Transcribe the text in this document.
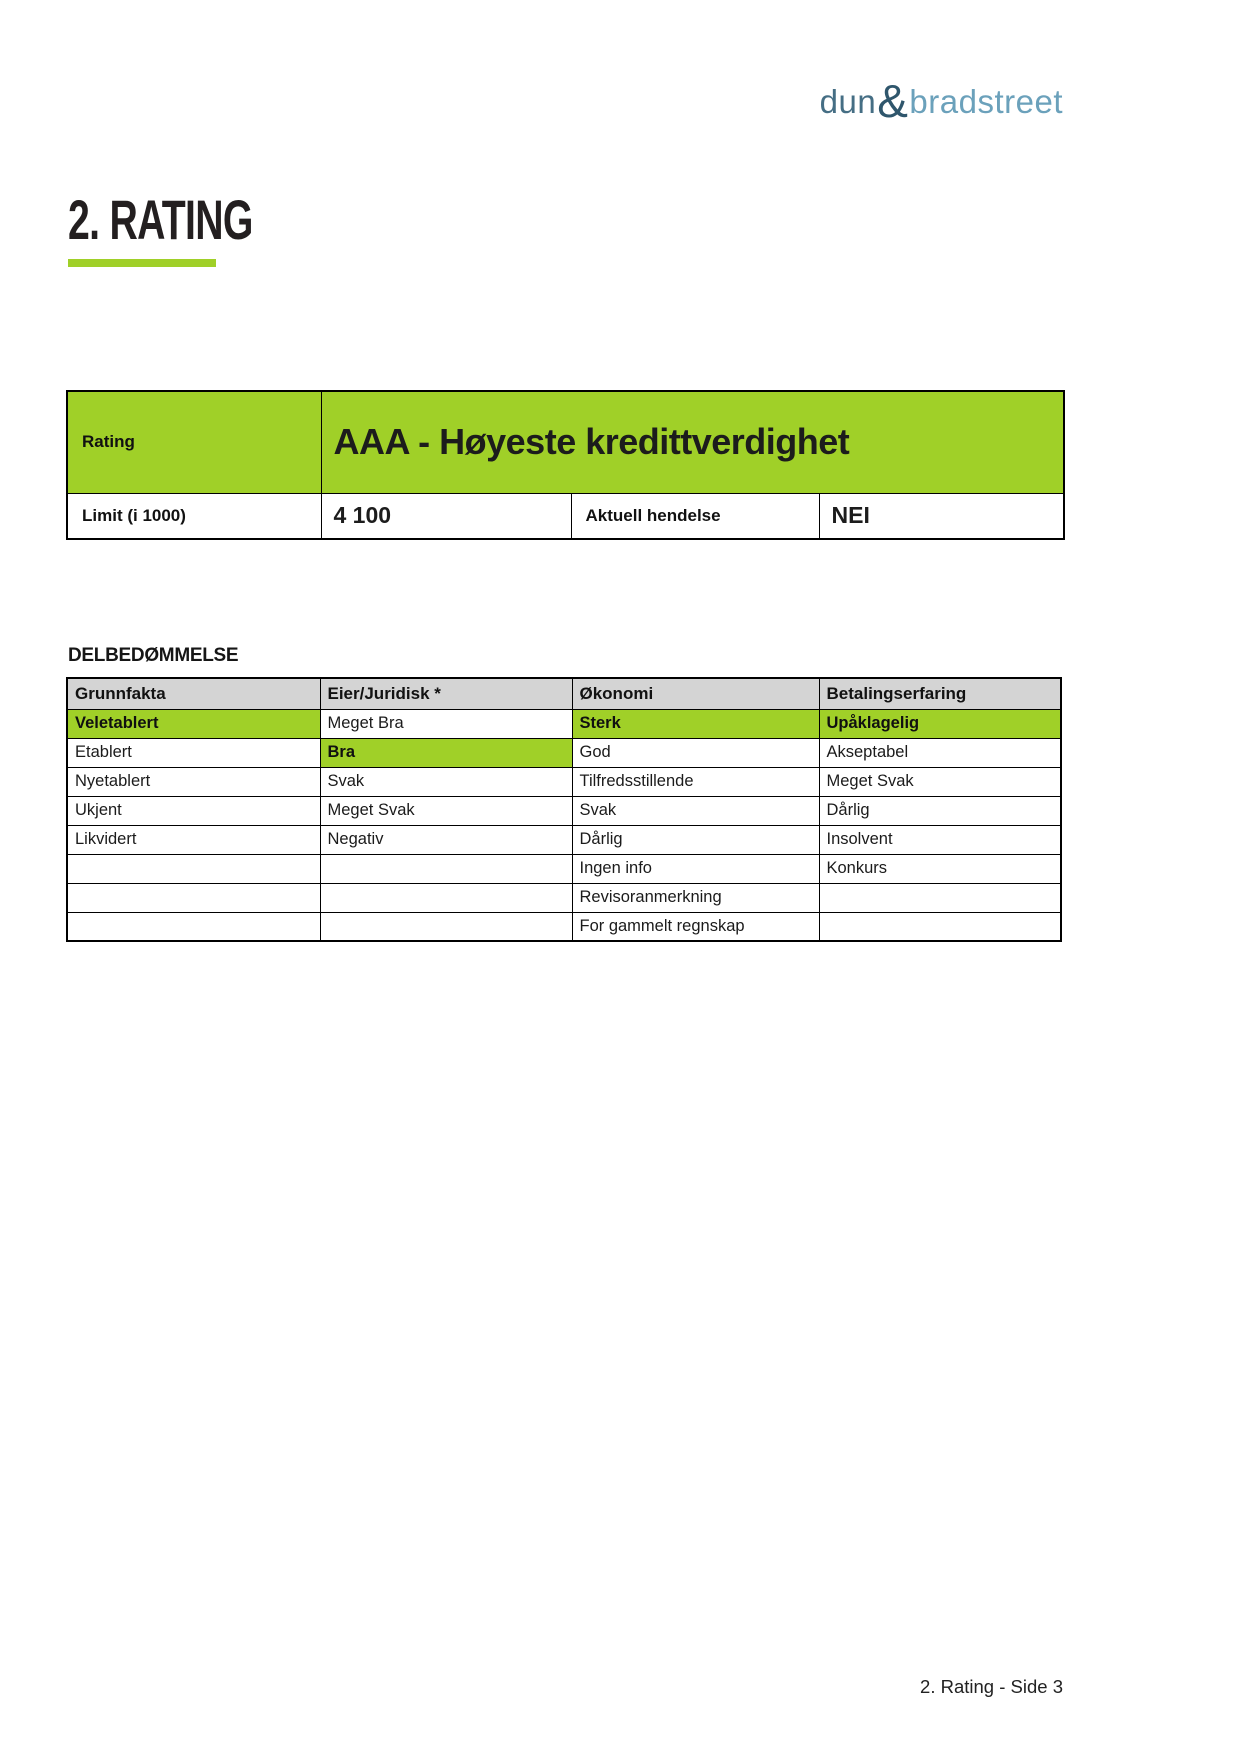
dun&bradstreet
2. RATING
Rating	AAA - Høyeste kredittverdighet		
Limit (i 1000)	4 100	Aktuell hendelse	NEI
DELBEDØMMELSE
Grunnfakta	Eier/Juridisk *	Økonomi	Betalingserfaring
Veletablert	Meget Bra	Sterk	Upåklagelig
Etablert	Bra	God	Akseptabel
Nyetablert	Svak	Tilfredsstillende	Meget Svak
Ukjent	Meget Svak	Svak	Dårlig
Likvidert	Negativ	Dårlig	Insolvent
		Ingen info	Konkurs
		Revisoranmerkning	
		For gammelt regnskap	
2. Rating - Side 3
